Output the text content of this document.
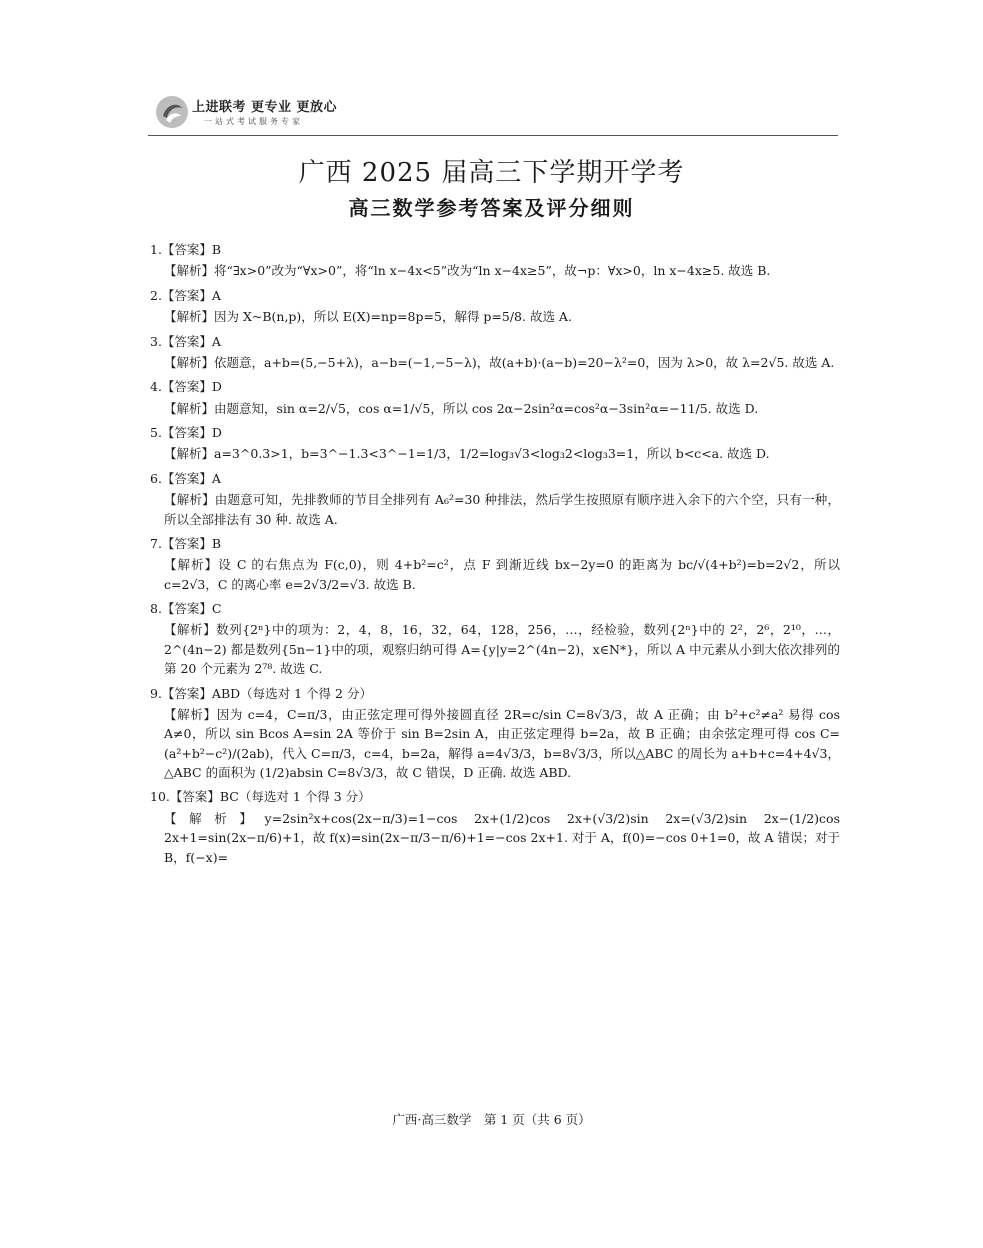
上进联考 更专业 更放心
一站式考试服务专家
广西 2025 届高三下学期开学考
高三数学参考答案及评分细则
1.【答案】B
【解析】将“∃x>0”改为“∀x>0”，将“ln x−4x<5”改为“ln x−4x≥5”，故¬p：∀x>0，ln x−4x≥5. 故选 B.
2.【答案】A
【解析】因为 X~B(n,p)，所以 E(X)=np=8p=5，解得 p=5/8. 故选 A.
3.【答案】A
【解析】依题意，a+b=(5,−5+λ)，a−b=(−1,−5−λ)，故(a+b)·(a−b)=20−λ²=0，因为 λ>0，故 λ=2√5. 故选 A.
4.【答案】D
【解析】由题意知，sin α=2/√5，cos α=1/√5，所以 cos 2α−2sin²α=cos²α−3sin²α=−11/5. 故选 D.
5.【答案】D
【解析】a=3^0.3>1，b=3^−1.3<3^−1=1/3，1/2=log₃√3<log₃2<log₃3=1，所以 b<c<a. 故选 D.
6.【答案】A
【解析】由题意可知，先排教师的节目全排列有 A₆²=30 种排法，然后学生按照原有顺序进入余下的六个空，只有一种，所以全部排法有 30 种. 故选 A.
7.【答案】B
【解析】设 C 的右焦点为 F(c,0)，则 4+b²=c²，点 F 到渐近线 bx−2y=0 的距离为 bc/√(4+b²)=b=2√2，所以 c=2√3，C 的离心率 e=2√3/2=√3. 故选 B.
8.【答案】C
【解析】数列{2ⁿ}中的项为：2，4，8，16，32，64，128，256，…，经检验，数列{2ⁿ}中的 2²，2⁶，2¹⁰，…，2^(4n−2) 都是数列{5n−1}中的项，观察归纳可得 A={y|y=2^(4n−2)，x∈N*}，所以 A 中元素从小到大依次排列的第 20 个元素为 2⁷⁸. 故选 C.
9.【答案】ABD（每选对 1 个得 2 分）
【解析】因为 c=4，C=π/3，由正弦定理可得外接圆直径 2R=c/sin C=8√3/3，故 A 正确；由 b²+c²≠a² 易得 cos A≠0，所以 sin Bcos A=sin 2A 等价于 sin B=2sin A，由正弦定理得 b=2a，故 B 正确；由余弦定理可得 cos C=(a²+b²−c²)/(2ab)，代入 C=π/3，c=4，b=2a，解得 a=4√3/3，b=8√3/3，所以△ABC 的周长为 a+b+c=4+4√3，△ABC 的面积为 (1/2)absin C=8√3/3，故 C 错误，D 正确. 故选 ABD.
10.【答案】BC（每选对 1 个得 3 分）
【解析】y=2sin²x+cos(2x−π/3)=1−cos 2x+(1/2)cos 2x+(√3/2)sin 2x=(√3/2)sin 2x−(1/2)cos 2x+1=sin(2x−π/6)+1，故 f(x)=sin(2x−π/3−π/6)+1=−cos 2x+1. 对于 A，f(0)=−cos 0+1=0，故 A 错误；对于 B，f(−x)=
广西·高三数学　第 1 页（共 6 页）
